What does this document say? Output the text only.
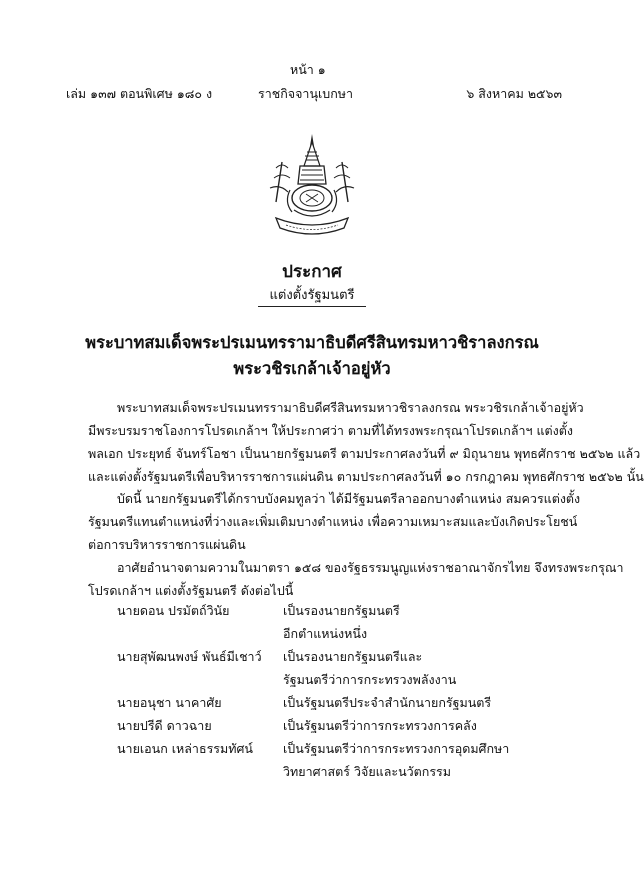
หน้า ๑
เล่ม ๑๓๗ ตอนพิเศษ ๑๘๐ ง	ราชกิจจานุเบกษา	๖ สิงหาคม ๒๕๖๓
ประกาศ
แต่งตั้งรัฐมนตรี
พระบาทสมเด็จพระปรเมนทรรามาธิบดีศรีสินทรมหาวชิราลงกรณ
พระวชิรเกล้าเจ้าอยู่หัว
พระบาทสมเด็จพระปรเมนทรรามาธิบดีศรีสินทรมหาวชิราลงกรณ พระวชิรเกล้าเจ้าอยู่หัว
มีพระบรมราชโองการโปรดเกล้าฯ ให้ประกาศว่า ตามที่ได้ทรงพระกรุณาโปรดเกล้าฯ แต่งตั้ง
พลเอก ประยุทธ์ จันทร์โอชา เป็นนายกรัฐมนตรี ตามประกาศลงวันที่ ๙ มิถุนายน พุทธศักราช ๒๕๖๒ แล้ว
และแต่งตั้งรัฐมนตรีเพื่อบริหารราชการแผ่นดิน ตามประกาศลงวันที่ ๑๐ กรกฎาคม พุทธศักราช ๒๕๖๒ นั้น
บัดนี้ นายกรัฐมนตรีได้กราบบังคมทูลว่า ได้มีรัฐมนตรีลาออกบางตำแหน่ง สมควรแต่งตั้ง
รัฐมนตรีแทนตำแหน่งที่ว่างและเพิ่มเติมบางตำแหน่ง เพื่อความเหมาะสมและบังเกิดประโยชน์
ต่อการบริหารราชการแผ่นดิน
อาศัยอำนาจตามความในมาตรา ๑๕๘ ของรัฐธรรมนูญแห่งราชอาณาจักรไทย จึงทรงพระกรุณา
โปรดเกล้าฯ แต่งตั้งรัฐมนตรี ดังต่อไปนี้
นายดอน ปรมัตถ์วินัย	เป็นรองนายกรัฐมนตรี
อีกตำแหน่งหนึ่ง
นายสุพัฒนพงษ์ พันธ์มีเชาว์ เป็นรองนายกรัฐมนตรีและ
รัฐมนตรีว่าการกระทรวงพลังงาน
นายอนุชา นาคาศัย	เป็นรัฐมนตรีประจำสำนักนายกรัฐมนตรี
นายปรีดี ดาวฉาย	เป็นรัฐมนตรีว่าการกระทรวงการคลัง
นายเอนก เหล่าธรรมทัศน์ เป็นรัฐมนตรีว่าการกระทรวงการอุดมศึกษา
วิทยาศาสตร์ วิจัยและนวัตกรรม
